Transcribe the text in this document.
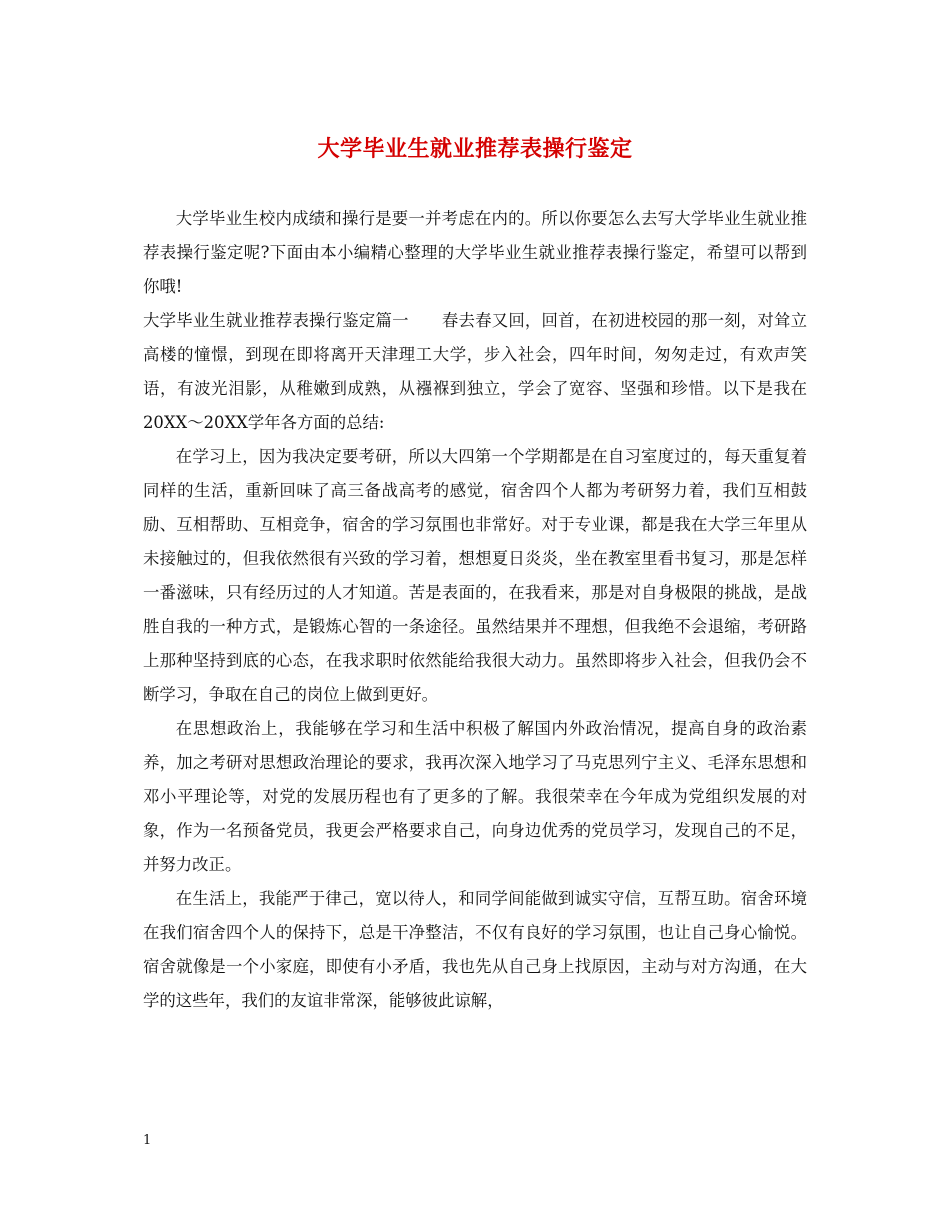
大学毕业生就业推荐表操行鉴定

大学毕业生校内成绩和操行是要一并考虑在内的。所以你要怎么去写大学毕业生就业推荐表操行鉴定呢?下面由本小编精心整理的大学毕业生就业推荐表操行鉴定，希望可以帮到你哦!

大学毕业生就业推荐表操行鉴定篇一　　春去春又回，回首，在初进校园的那一刻，对耸立高楼的憧憬，到现在即将离开天津理工大学，步入社会，四年时间，匆匆走过，有欢声笑语，有波光泪影，从稚嫩到成熟，从襁褓到独立，学会了宽容、坚强和珍惜。以下是我在20XX～20XX学年各方面的总结:

在学习上，因为我决定要考研，所以大四第一个学期都是在自习室度过的，每天重复着同样的生活，重新回味了高三备战高考的感觉，宿舍四个人都为考研努力着，我们互相鼓励、互相帮助、互相竞争，宿舍的学习氛围也非常好。对于专业课，都是我在大学三年里从未接触过的，但我依然很有兴致的学习着，想想夏日炎炎，坐在教室里看书复习，那是怎样一番滋味，只有经历过的人才知道。苦是表面的，在我看来，那是对自身极限的挑战，是战胜自我的一种方式，是锻炼心智的一条途径。虽然结果并不理想，但我绝不会退缩，考研路上那种坚持到底的心态，在我求职时依然能给我很大动力。虽然即将步入社会，但我仍会不断学习，争取在自己的岗位上做到更好。

在思想政治上，我能够在学习和生活中积极了解国内外政治情况，提高自身的政治素养，加之考研对思想政治理论的要求，我再次深入地学习了马克思列宁主义、毛泽东思想和邓小平理论等，对党的发展历程也有了更多的了解。我很荣幸在今年成为党组织发展的对象，作为一名预备党员，我更会严格要求自己，向身边优秀的党员学习，发现自己的不足，并努力改正。

在生活上，我能严于律己，宽以待人，和同学间能做到诚实守信，互帮互助。宿舍环境在我们宿舍四个人的保持下，总是干净整洁，不仅有良好的学习氛围，也让自己身心愉悦。宿舍就像是一个小家庭，即使有小矛盾，我也先从自己身上找原因，主动与对方沟通，在大学的这些年，我们的友谊非常深，能够彼此谅解，

1
